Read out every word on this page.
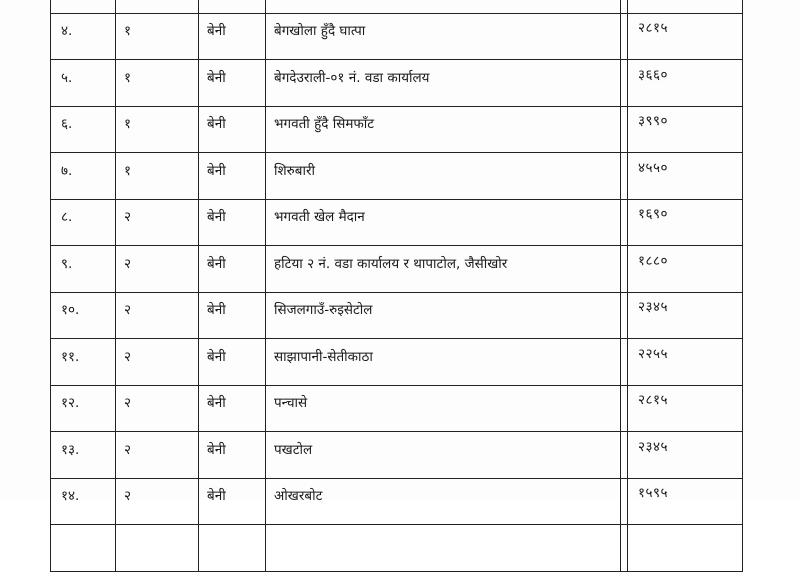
४.	१	बेनी	बेगखोला हुँदै घात्पा		२८१५
५.	१	बेनी	बेगदेउराली-०१ नं. वडा कार्यालय		३६६०
६.	१	बेनी	भगवती हुँदै सिमफाँट		३९९०
७.	१	बेनी	शिरुबारी		४५५०
८.	२	बेनी	भगवती खेल मैदान		१६९०
९.	२	बेनी	हटिया २ नं. वडा कार्यालय र थापाटोल, जैसीखोर		१८८०
१०.	२	बेनी	सिजलगाउँ-रुइसेटोल		२३४५
११.	२	बेनी	साझापानी-सेतीकाठा		२२५५
१२.	२	बेनी	पन्चासे		२८१५
१३.	२	बेनी	पखटोल		२३४५
१४.	२	बेनी	ओखरबोट		१५९५
